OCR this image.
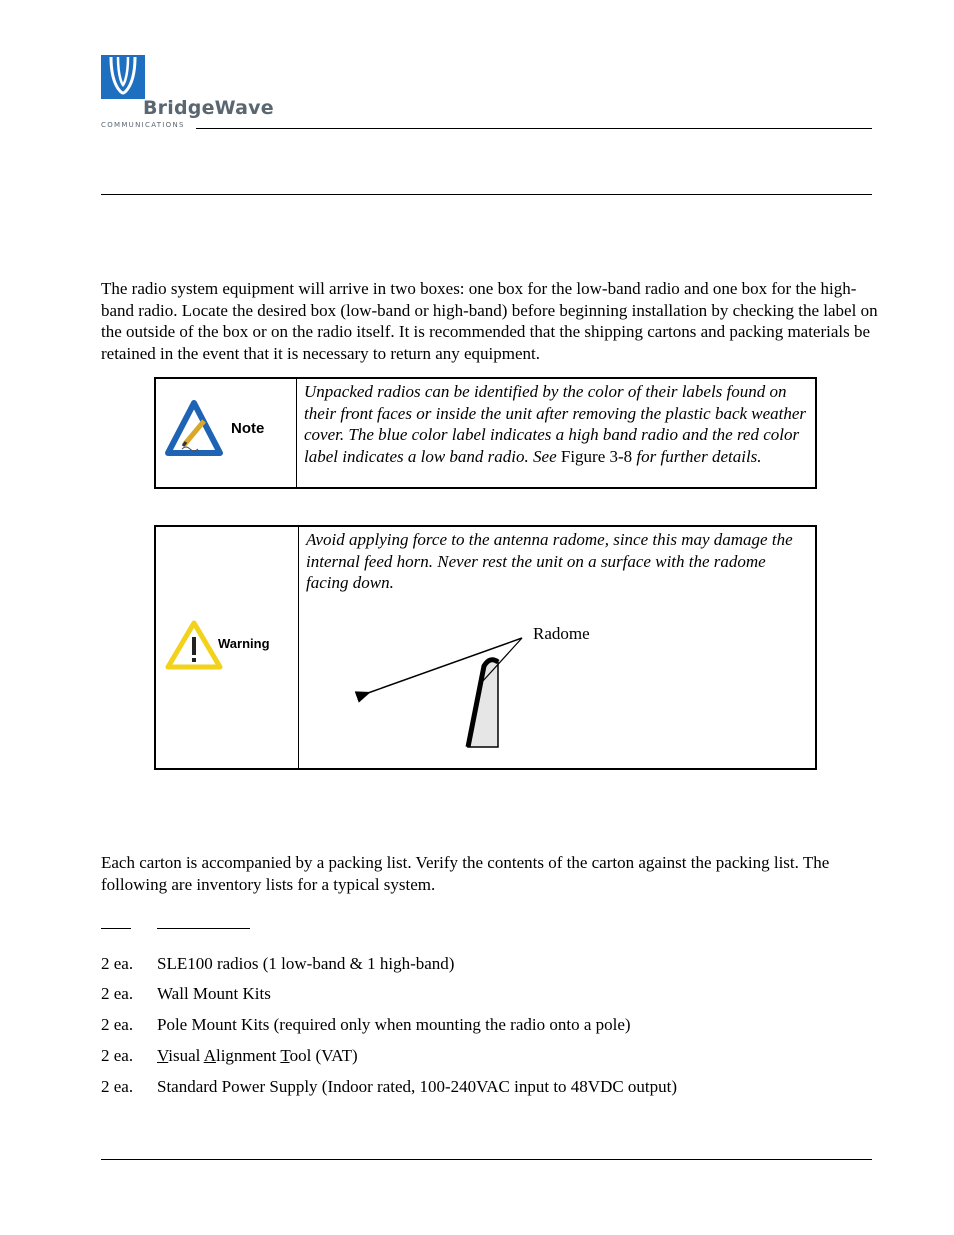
BridgeWave
COMMUNICATIONS
The radio system equipment will arrive in two boxes: one box for the low-band radio and one box for the high-band radio. Locate the desired box (low-band or high-band) before beginning installation by checking the label on the outside of the box or on the radio itself. It is recommended that the shipping cartons and packing materials be retained in the event that it is necessary to return any equipment.
Note
Unpacked radios can be identified by the color of their labels found on their front faces or inside the unit after removing the plastic back weather cover. The blue color label indicates a high band radio and the red color label indicates a low band radio. See Figure 3-8 for further details.
Warning
Avoid applying force to the antenna radome, since this may damage the internal feed horn. Never rest the unit on a surface with the radome facing down.
Radome
Each carton is accompanied by a packing list. Verify the contents of the carton against the packing list. The following are inventory lists for a typical system.
2 ea. SLE100 radios (1 low-band & 1 high-band)
2 ea. Wall Mount Kits
2 ea. Pole Mount Kits (required only when mounting the radio onto a pole)
2 ea. Visual Alignment Tool (VAT)
2 ea. Standard Power Supply (Indoor rated, 100-240VAC input to 48VDC output)
